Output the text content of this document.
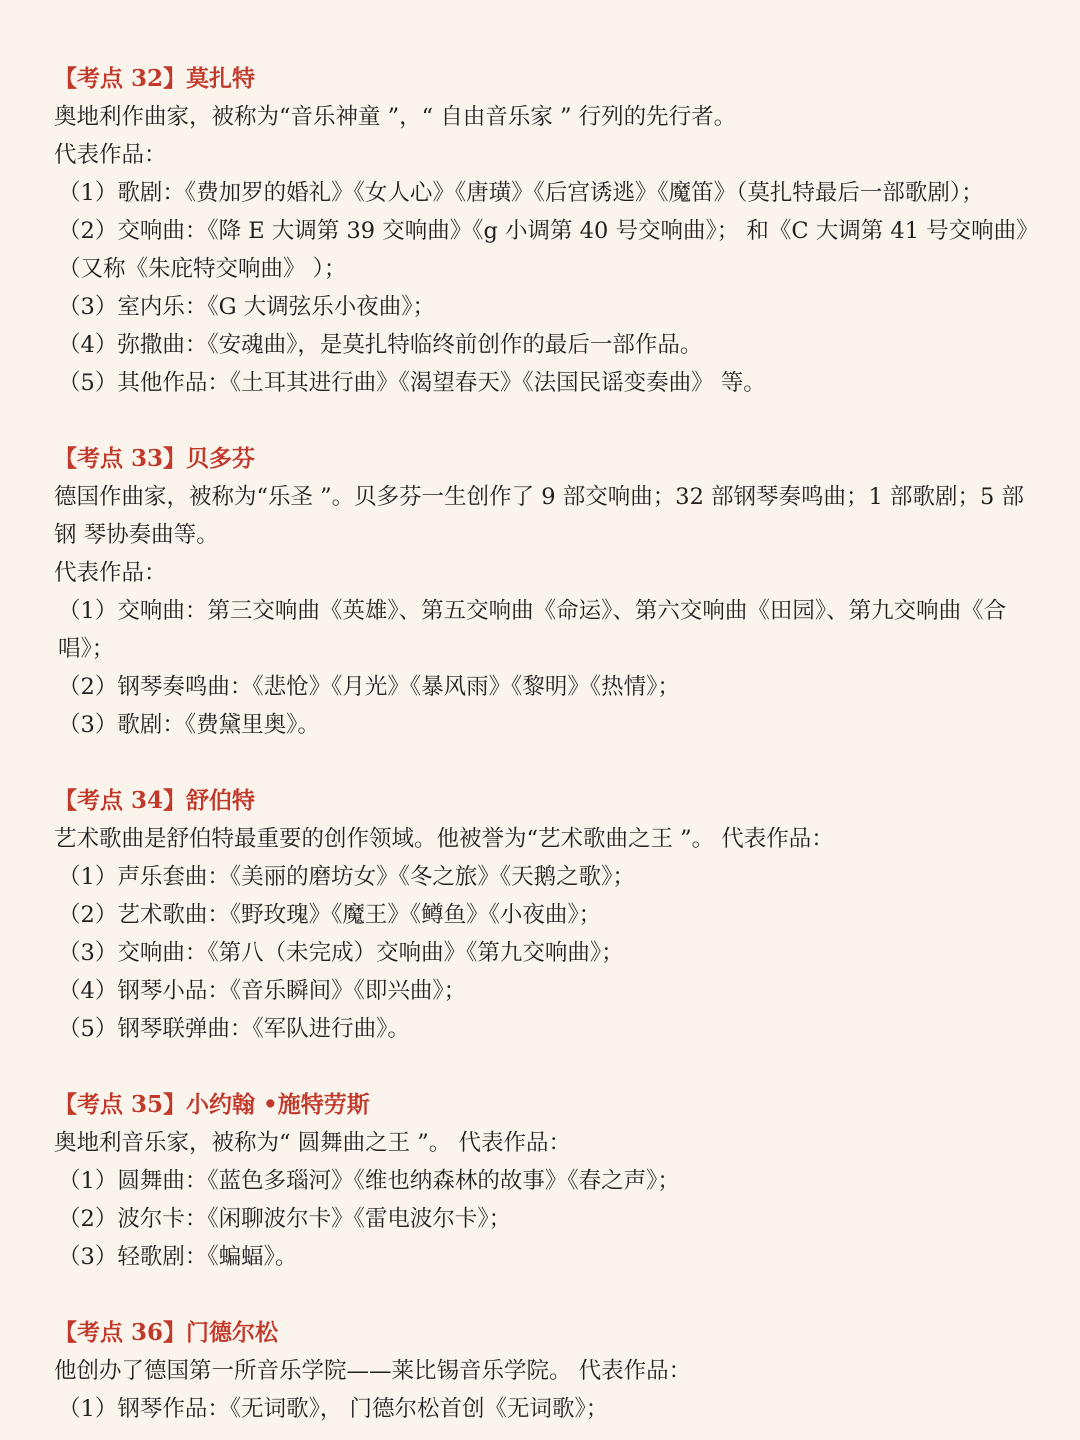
【考点 32】莫扎特
奥地利作曲家，被称为“音乐神童 ”，“ 自由音乐家 ” 行列的先行者。
代表作品：
（1）歌剧：《费加罗的婚礼》《女人心》《唐璜》《后宫诱逃》《魔笛》（莫扎特最后一部歌剧）；
（2）交响曲：《降 E 大调第 39 交响曲》《g 小调第 40 号交响曲》； 和《C 大调第 41 号交响曲》（又称《朱庇特交响曲》 ）；
（3）室内乐：《G 大调弦乐小夜曲》；
（4）弥撒曲：《安魂曲》，是莫扎特临终前创作的最后一部作品。
（5）其他作品：《土耳其进行曲》《渴望春天》《法国民谣变奏曲》 等。
【考点 33】贝多芬
德国作曲家，被称为“乐圣 ”。贝多芬一生创作了 9 部交响曲；32 部钢琴奏鸣曲；1 部歌剧；5 部钢 琴协奏曲等。
代表作品：
（1）交响曲：第三交响曲《英雄》、第五交响曲《命运》、第六交响曲《田园》、第九交响曲《合唱》；
（2）钢琴奏鸣曲：《悲怆》《月光》《暴风雨》《黎明》《热情》；
（3）歌剧：《费黛里奥》。
【考点 34】舒伯特
艺术歌曲是舒伯特最重要的创作领域。他被誉为“艺术歌曲之王 ”。 代表作品：
（1）声乐套曲：《美丽的磨坊女》《冬之旅》《天鹅之歌》；
（2）艺术歌曲：《野玫瑰》《魔王》《鳟鱼》《小夜曲》；
（3）交响曲：《第八（未完成）交响曲》《第九交响曲》；
（4）钢琴小品：《音乐瞬间》《即兴曲》；
（5）钢琴联弹曲：《军队进行曲》。
【考点 35】小约翰 •施特劳斯
奥地利音乐家，被称为“ 圆舞曲之王 ”。 代表作品：
（1）圆舞曲：《蓝色多瑙河》《维也纳森林的故事》《春之声》；
（2）波尔卡：《闲聊波尔卡》《雷电波尔卡》；
（3）轻歌剧：《蝙蝠》。
【考点 36】门德尔松
他创办了德国第一所音乐学院——莱比锡音乐学院。 代表作品：
（1）钢琴作品：《无词歌》， 门德尔松首创《无词歌》；
